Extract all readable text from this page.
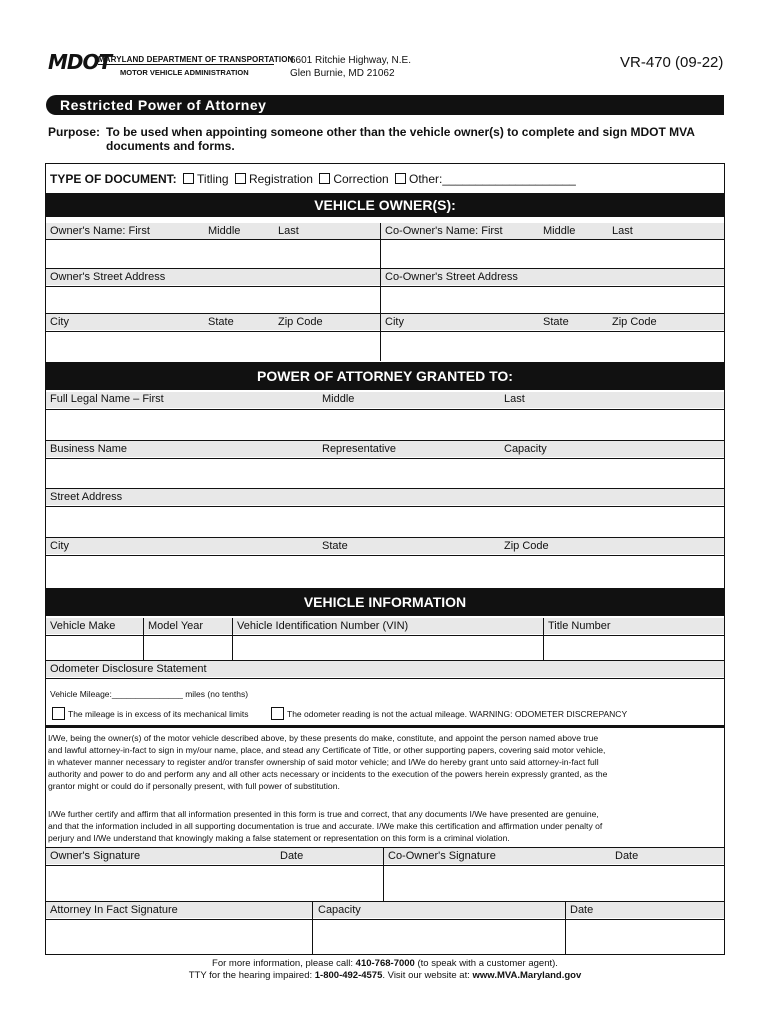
MDOT
MARYLAND DEPARTMENT OF TRANSPORTATION
MOTOR VEHICLE ADMINISTRATION
6601 Ritchie Highway, N.E.
Glen Burnie, MD 21062
VR-470 (09-22)
Restricted Power of Attorney
Purpose: To be used when appointing someone other than the vehicle owner(s) to complete and sign MDOT MVA
documents and forms.
TYPE OF DOCUMENT: Titling Registration Correction Other:____________________
VEHICLE OWNER(S):
Owner's Name: First	Middle	Last	Co-Owner's Name: First	Middle	Last
Owner's Street Address	Co-Owner's Street Address
City	State	Zip Code	City	State	Zip Code
POWER OF ATTORNEY GRANTED TO:
Full Legal Name – First	Middle	Last
Business Name	Representative	Capacity
Street Address
City	State	Zip Code
VEHICLE INFORMATION
Vehicle Make	Model Year	Vehicle Identification Number (VIN)	Title Number
Odometer Disclosure Statement
Vehicle Mileage:_______________ miles (no tenths)
The mileage is in excess of its mechanical limits	The odometer reading is not the actual mileage. WARNING: ODOMETER DISCREPANCY
I/We, being the owner(s) of the motor vehicle described above, by these presents do make, constitute, and appoint the person named above true
and lawful attorney-in-fact to sign in my/our name, place, and stead any Certificate of Title, or other supporting papers, covering said motor vehicle,
in whatever manner necessary to register and/or transfer ownership of said motor vehicle; and I/We do hereby grant unto said attorney-in-fact full
authority and power to do and perform any and all other acts necessary or incidents to the execution of the powers herein expressly granted, as the
grantor might or could do if personally present, with full power of substitution.
I/We further certify and affirm that all information presented in this form is true and correct, that any documents I/We have presented are genuine,
and that the information included in all supporting documentation is true and accurate. I/We make this certification and affirmation under penalty of
perjury and I/We understand that knowingly making a false statement or representation on this form is a criminal violation.
Owner's Signature	Date	Co-Owner's Signature	Date
Attorney In Fact Signature	Capacity	Date
For more information, please call: 410-768-7000 (to speak with a customer agent).
TTY for the hearing impaired: 1-800-492-4575. Visit our website at: www.MVA.Maryland.gov
